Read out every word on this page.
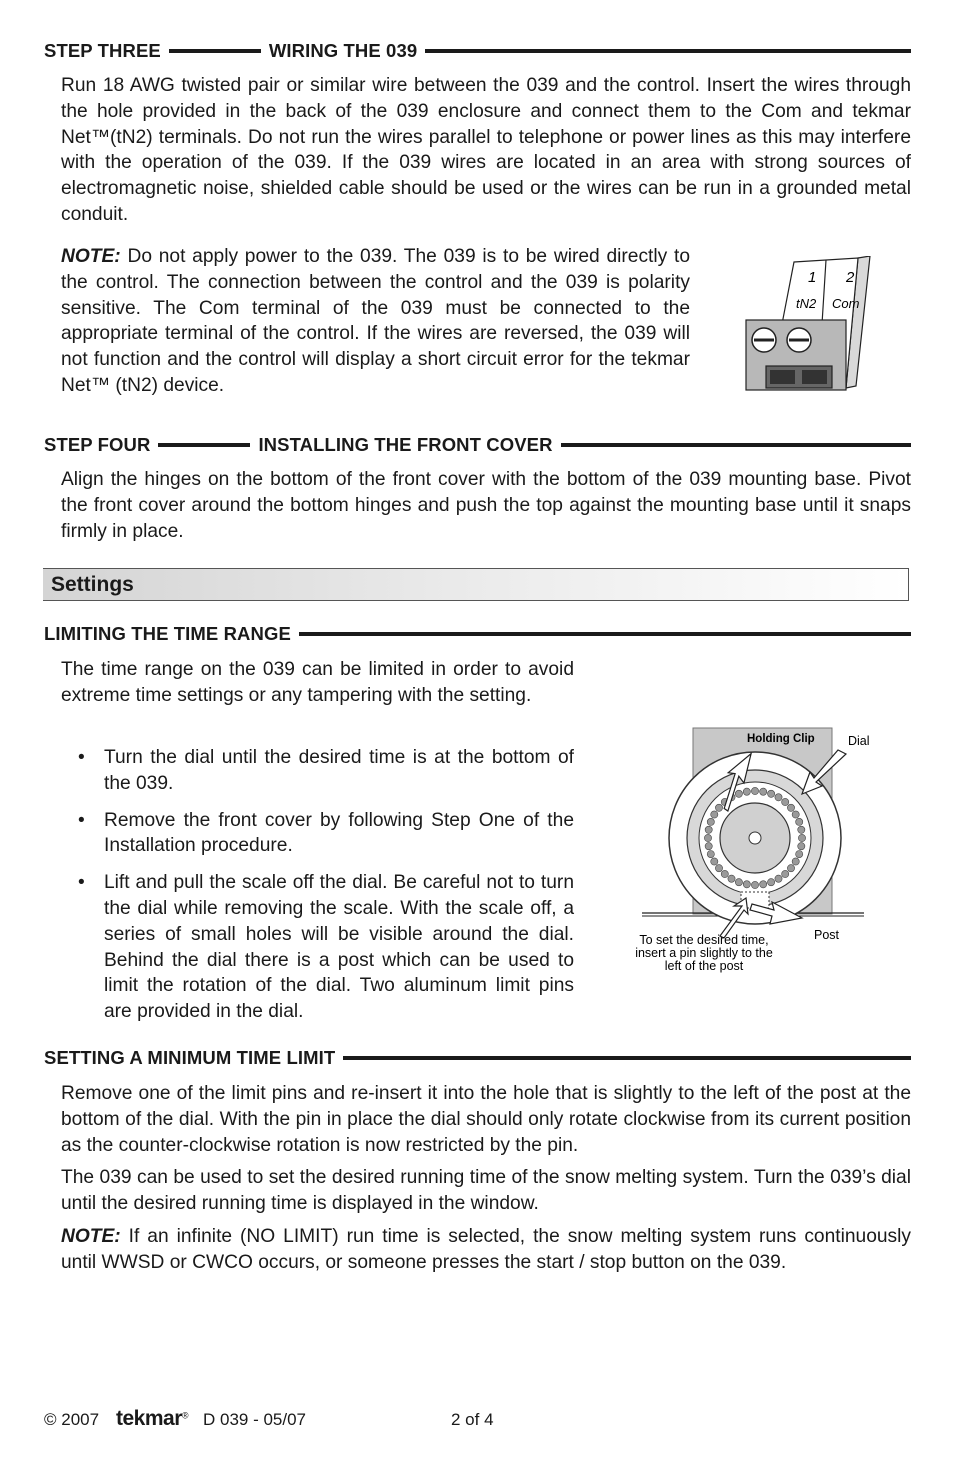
STEP THREE	WIRING THE 039

Run 18 AWG twisted pair or similar wire between the 039 and the control. Insert the wires through the hole provided in the back of the 039 enclosure and connect them to the Com and tekmar Net™(tN2) terminals. Do not run the wires parallel to telephone or power lines as this may interfere with the operation of the 039. If the 039 wires are located in an area with strong sources of electromagnetic noise, shielded cable should be used or the wires can be run in a grounded metal conduit.

NOTE: Do not apply power to the 039. The 039 is to be wired directly to the control. The connection between the control and the 039 is polarity sensitive. The Com terminal of the 039 must be connected to the appropriate terminal of the control. If the wires are reversed, the 039 will not function and the control will display a short circuit error for the tekmar Net™ (tN2) device.

1 2
tN2 Com
STEP FOUR	INSTALLING THE FRONT COVER

Align the hinges on the bottom of the front cover with the bottom of the 039 mounting base. Pivot the front cover around the bottom hinges and push the top against the mounting base until it snaps firmly in place.

Settings
LIMITING THE TIME RANGE

The time range on the 039 can be limited in order to avoid extreme time settings or any tampering with the setting.

• Turn the dial until the desired time is at the bottom of the 039.
• Remove the front cover by following Step One of the Installation procedure.
• Lift and pull the scale off the dial. Be careful not to turn the dial while removing the scale. With the scale off, a series of small holes will be visible around the dial. Behind the dial there is a post which can be used to limit the rotation of the dial. Two aluminum limit pins are provided in the dial.
Holding Clip	Dial
Post
To set the desired time,
insert a pin slightly to the
left of the post
SETTING A MINIMUM TIME LIMIT

Remove one of the limit pins and re-insert it into the hole that is slightly to the left of the post at the bottom of the dial. With the pin in place the dial should only rotate clockwise from its current position as the counter-clockwise rotation is now restricted by the pin.

The 039 can be used to set the desired running time of the snow melting system. Turn the 039’s dial until the desired running time is displayed in the window.

NOTE: If an infinite (NO LIMIT) run time is selected, the snow melting system runs continuously until WWSD or CWCO occurs, or someone presses the start / stop button on the 039.

© 2007 tekmar® D 039 - 05/07	2 of 4
